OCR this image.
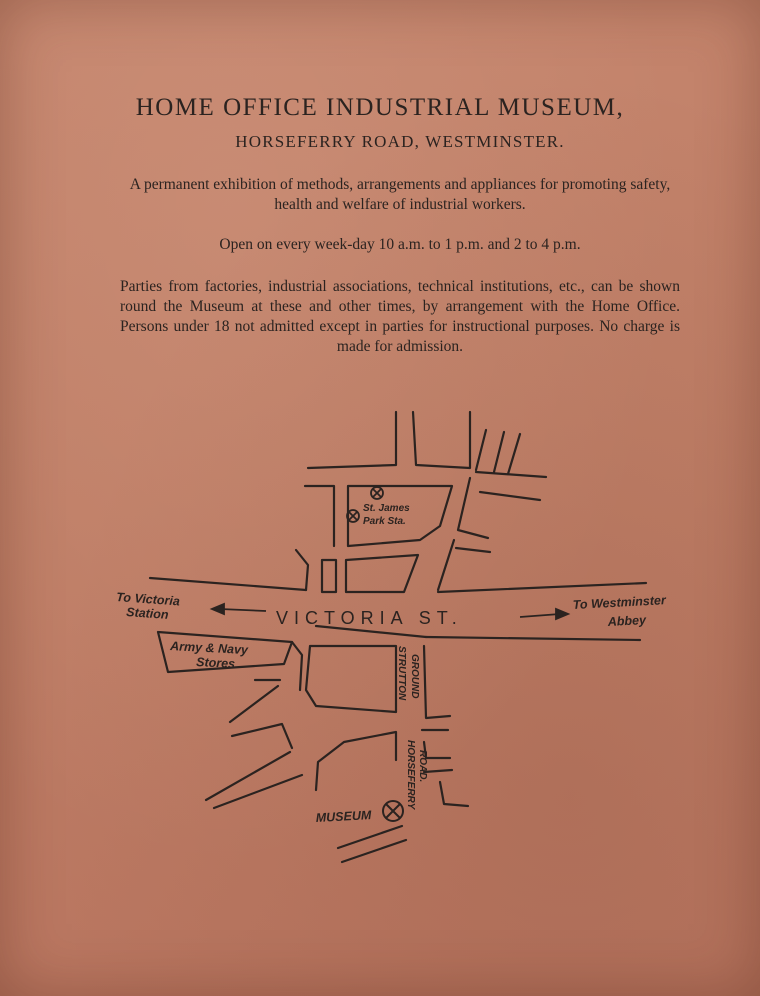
HOME OFFICE INDUSTRIAL MUSEUM,
HORSEFERRY ROAD, WESTMINSTER.
A permanent exhibition of methods, arrangements and appliances for promoting safety, health and welfare of industrial workers.
Open on every week-day 10 a.m. to 1 p.m. and 2 to 4 p.m.
Parties from factories, industrial associations, technical institutions, etc., can be shown round the Museum at these and other times, by arrangement with the Home Office. Persons under 18 not admitted except in parties for instructional purposes. No charge is made for admission.
VICTORIA ST.
To Victoria
Station
To Westminster
Abbey
St. James
Park Sta.
Army & Navy
Stores	STRUTTON GROUND
HORSEFERRY ROAD.
MUSEUM
